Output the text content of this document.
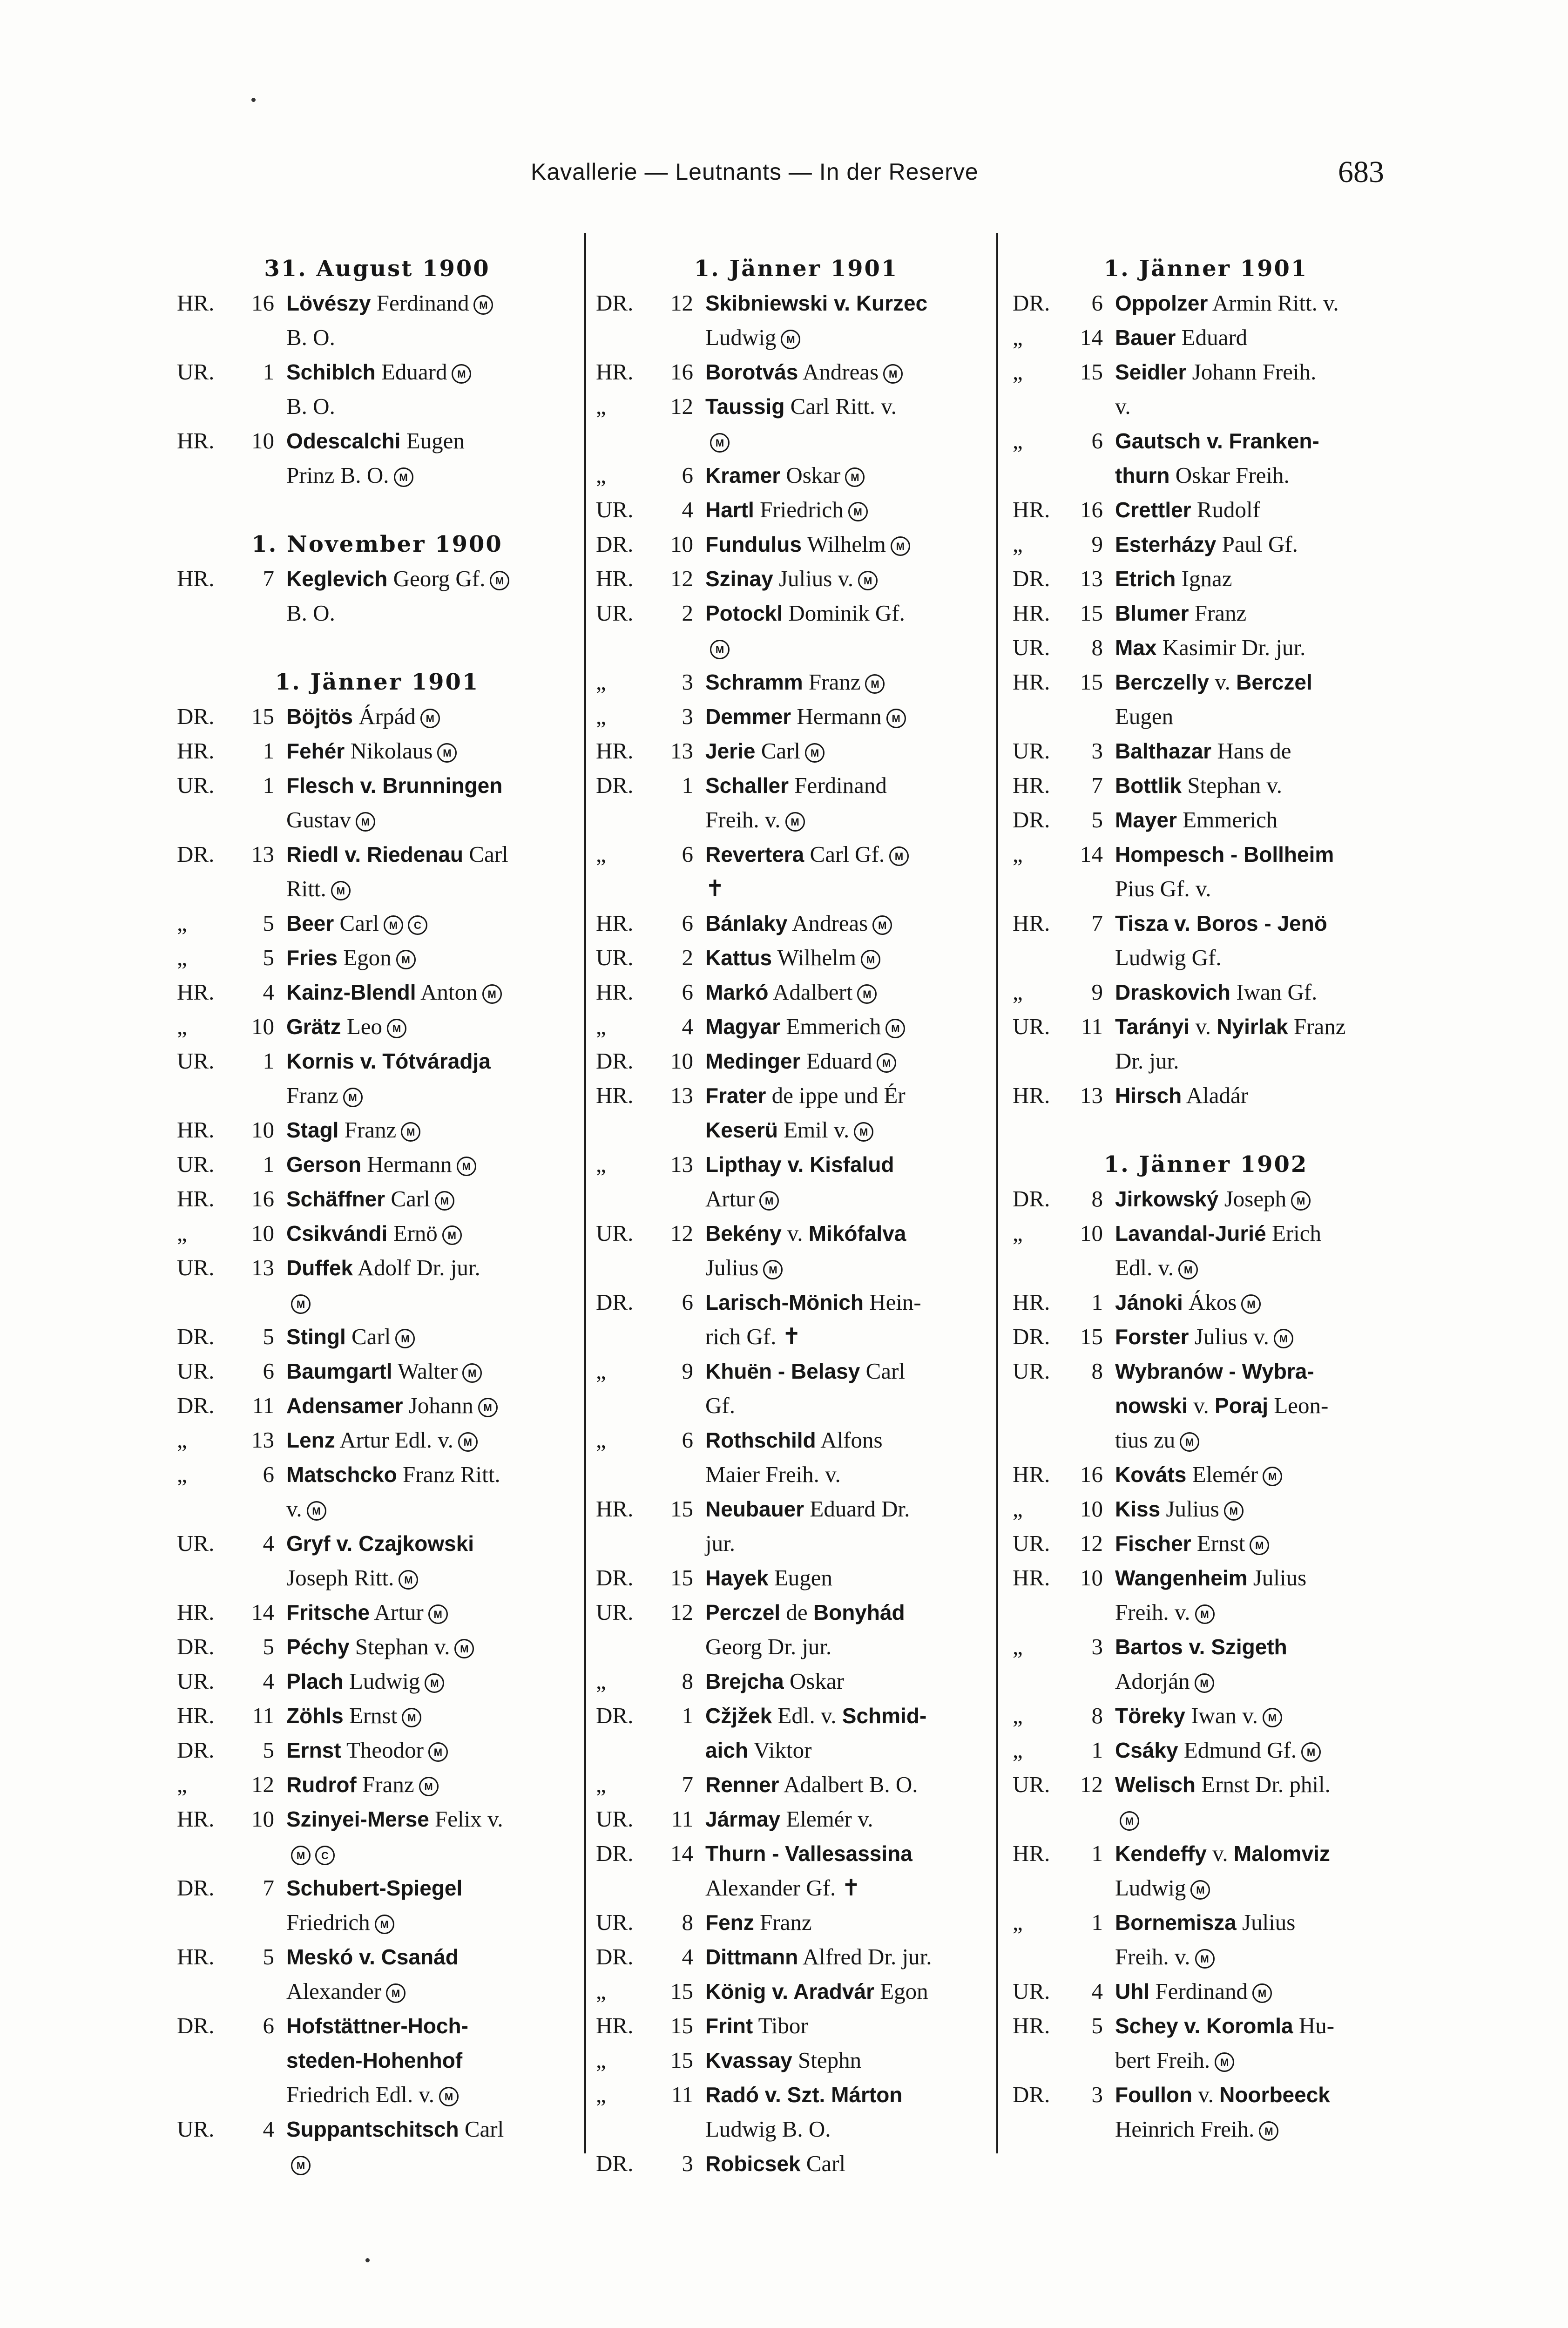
Kavallerie — Leutnants — In der Reserve	683
31. August 1900
HR. 16 Lövészy Ferdinand M
B. O.
UR. 1 Schiblch Eduard M
B. O.
HR. 10 Odescalchi Eugen
Prinz B. O. M
1. November 1900
HR. 7 Keglevich Georg Gf. M
B. O.
1. Jänner 1901
DR. 15 Böjtös Árpád M
HR. 1 Fehér Nikolaus M
UR. 1 Flesch v. Brunningen
Gustav M
DR. 13 Riedl v. Riedenau Carl
Ritt. M
„	5 Beer Carl M C
„	5 Fries Egon M
HR. 4 Kainz-Blendl Anton M
„	10 Grätz Leo M
UR. 1 Kornis v. Tótváradja
Franz M
HR. 10 Stagl Franz M
UR. 1 Gerson Hermann M
HR. 16 Schäffner Carl M
„	10 Csikvándi Ernö M
UR. 13 Duffek Adolf Dr. jur.
M
DR. 5 Stingl Carl M
UR. 6 Baumgartl Walter M
DR. 11 Adensamer Johann M
„	13 Lenz Artur Edl. v. M
„	6 Matschcko Franz Ritt.
v. M
UR. 4 Gryf v. Czajkowski
Joseph Ritt. M
HR. 14 Fritsche Artur M
DR. 5 Péchy Stephan v. M
UR. 4 Plach Ludwig M
HR. 11 Zöhls Ernst M
DR. 5 Ernst Theodor M
„	12 Rudrof Franz M
HR. 10 Szinyei-Merse Felix v.
M C
DR. 7 Schubert-Spiegel
Friedrich M
HR. 5 Meskó v. Csanád
Alexander M
DR. 6 Hofstättner-Hoch-
steden-Hohenhof
Friedrich Edl. v. M
UR. 4 Suppantschitsch Carl
M
1. Jänner 1901
DR. 12 Skibniewski v. Kurzec
Ludwig M
HR. 16 Borotvás Andreas M
„	12 Taussig Carl Ritt. v.
M
„	6 Kramer Oskar M
UR. 4 Hartl Friedrich M
DR. 10 Fundulus Wilhelm M
HR. 12 Szinay Julius v. M
UR. 2 Potockl Dominik Gf.
M
„	3 Schramm Franz M
„	3 Demmer Hermann M
HR. 13 Jerie Carl M
DR. 1 Schaller Ferdinand
Freih. v. M
„	6 Revertera Carl Gf. M
✝
HR. 6 Bánlaky Andreas M
UR. 2 Kattus Wilhelm M
HR. 6 Markó Adalbert M
„	4 Magyar Emmerich M
DR. 10 Medinger Eduard M
HR. 13 Frater de ippe und Ér
Keserü Emil v. M
„	13 Lipthay v. Kisfalud
Artur M
UR. 12 Bekény v. Mikófalva
Julius M
DR. 6 Larisch-Mönich Hein-
rich Gf. ✝
„	9 Khuën - Belasy Carl
Gf.
„	6 Rothschild Alfons
Maier Freih. v.
HR. 15 Neubauer Eduard Dr.
jur.
DR. 15 Hayek Eugen
UR. 12 Perczel de Bonyhád
Georg Dr. jur.
„	8 Brejcha Oskar
DR. 1 Cžjžek Edl. v. Schmid-
aich Viktor
„	7 Renner Adalbert B. O.
UR. 11 Jármay Elemér v.
DR. 14 Thurn - Vallesassina
Alexander Gf. ✝
UR. 8 Fenz Franz
DR. 4 Dittmann Alfred Dr. jur.
„	15 König v. Aradvár Egon
HR. 15 Frint Tibor
„	15 Kvassay Stephn
„	11 Radó v. Szt. Márton
Ludwig B. O.
DR. 3 Robicsek Carl
1. Jänner 1901
DR. 6 Oppolzer Armin Ritt. v.
„	14 Bauer Eduard
„	15 Seidler Johann Freih.
v.
„	6 Gautsch v. Franken-
thurn Oskar Freih.
HR. 16 Crettler Rudolf
„	9 Esterházy Paul Gf.
DR. 13 Etrich Ignaz
HR. 15 Blumer Franz
UR. 8 Max Kasimir Dr. jur.
HR. 15 Berczelly v. Berczel
Eugen
UR. 3 Balthazar Hans de
HR. 7 Bottlik Stephan v.
DR. 5 Mayer Emmerich
„	14 Hompesch - Bollheim
Pius Gf. v.
HR. 7 Tisza v. Boros - Jenö
Ludwig Gf.
„	9 Draskovich Iwan Gf.
UR. 11 Tarányi v. Nyirlak Franz
Dr. jur.
HR. 13 Hirsch Aladár
1. Jänner 1902
DR. 8 Jirkowský Joseph M
„	10 Lavandal-Jurié Erich
Edl. v. M
HR. 1 Jánoki Ákos M
DR. 15 Forster Julius v. M
UR. 8 Wybranów - Wybra-
nowski v. Poraj Leon-
tius zu M
HR. 16 Kováts Elemér M
„	10 Kiss Julius M
UR. 12 Fischer Ernst M
HR. 10 Wangenheim Julius
Freih. v. M
„	3 Bartos v. Szigeth
Adorján M
„	8 Töreky Iwan v. M
„	1 Csáky Edmund Gf. M
UR. 12 Welisch Ernst Dr. phil.
M
HR. 1 Kendeffy v. Malomviz
Ludwig M
„	1 Bornemisza Julius
Freih. v. M
UR. 4 Uhl Ferdinand M
HR. 5 Schey v. Koromla Hu-
bert Freih. M
DR. 3 Foullon v. Noorbeeck
Heinrich Freih. M
